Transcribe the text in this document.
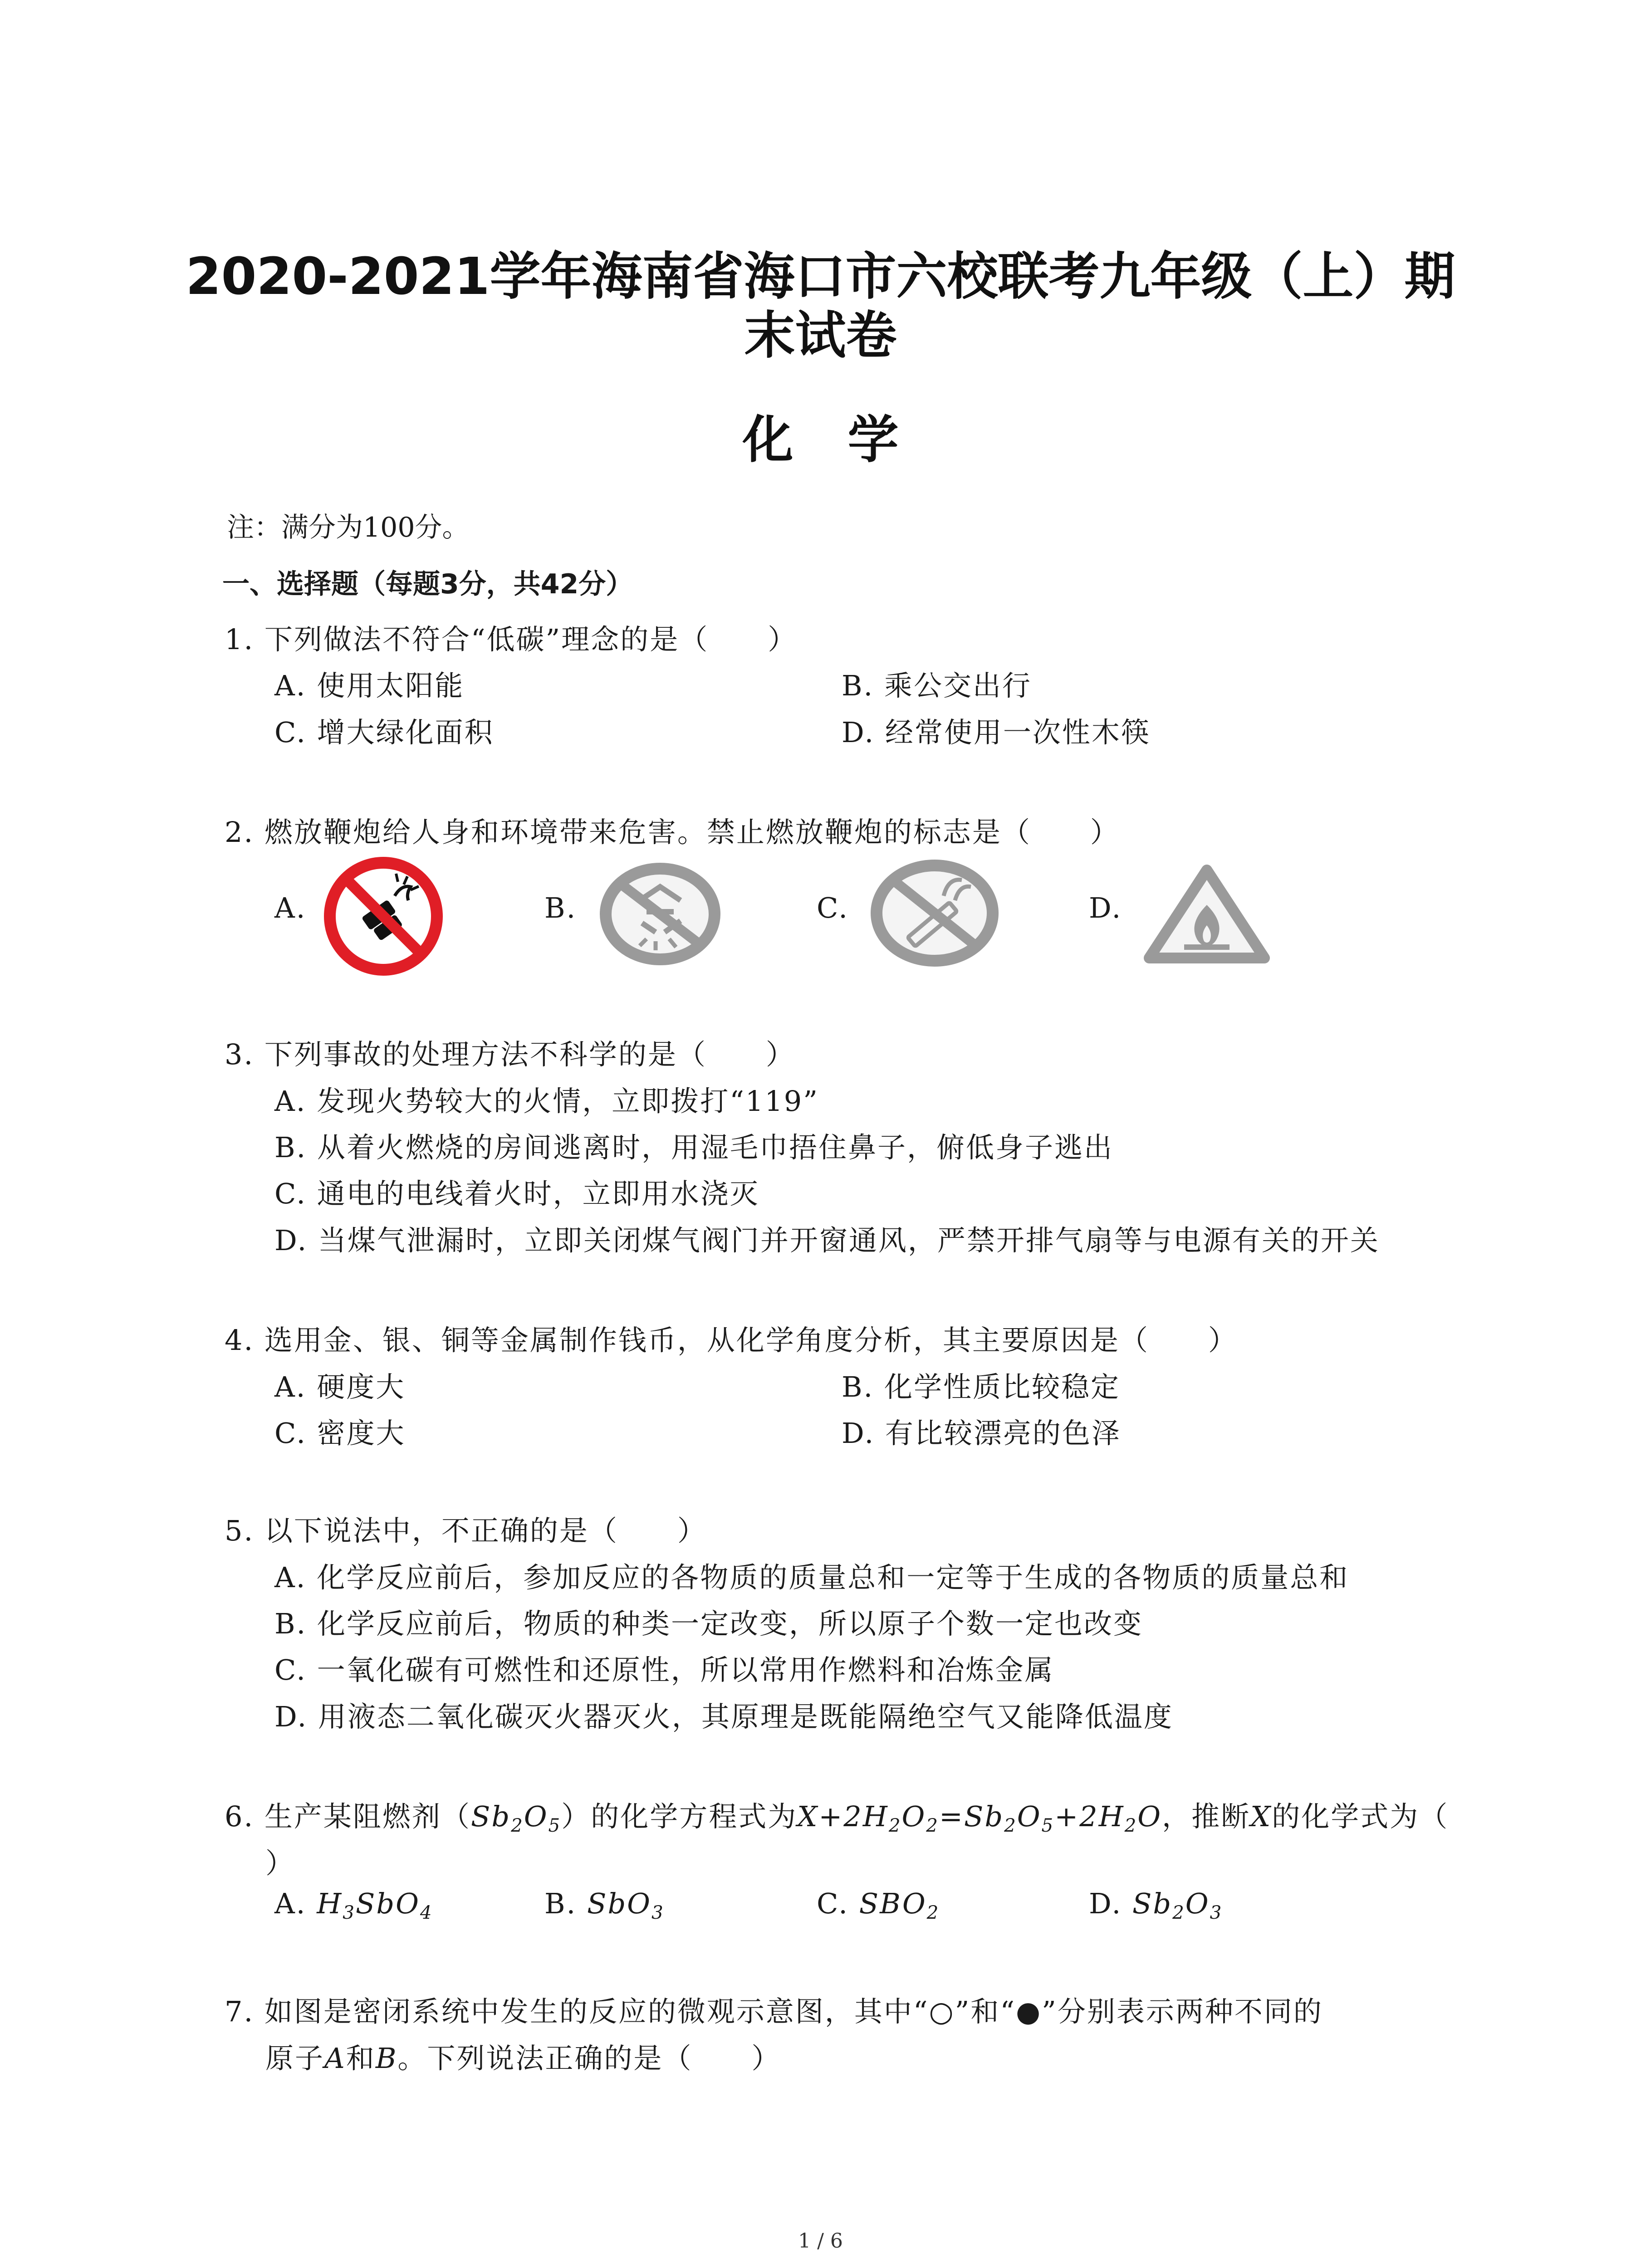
2020-2021学年海南省海口市六校联考九年级（上）期
末试卷
化学
注：满分为100分。
一、选择题（每题3分，共42分）
1. 下列做法不符合“低碳”理念的是（　　）
A. 使用太阳能	B. 乘公交出行
C. 增大绿化面积	D. 经常使用一次性木筷
2. 燃放鞭炮给人身和环境带来危害。禁止燃放鞭炮的标志是（　　）
A.	B.	C.	D.
3. 下列事故的处理方法不科学的是（　　）
A. 发现火势较大的火情，立即拨打“119”
B. 从着火燃烧的房间逃离时，用湿毛巾捂住鼻子，俯低身子逃出
C. 通电的电线着火时，立即用水浇灭
D. 当煤气泄漏时，立即关闭煤气阀门并开窗通风，严禁开排气扇等与电源有关的开关
4. 选用金、银、铜等金属制作钱币，从化学角度分析，其主要原因是（　　）
A. 硬度大	B. 化学性质比较稳定
C. 密度大	D. 有比较漂亮的色泽
5. 以下说法中，不正确的是（　　）
A. 化学反应前后，参加反应的各物质的质量总和一定等于生成的各物质的质量总和
B. 化学反应前后，物质的种类一定改变，所以原子个数一定也改变
C. 一氧化碳有可燃性和还原性，所以常用作燃料和冶炼金属
D. 用液态二氧化碳灭火器灭火，其原理是既能隔绝空气又能降低温度
6. 生产某阻燃剂$(Sb_2O_5)$的化学方程式为$X+2H_2O_2=Sb_2O_5+2H_2O$，推断X的化学式为（
）
A. $H_3SbO_4$	B. SbO$_3$	C. $SBO_2$	D. $Sb_2O_3$
7. 如图是密闭系统中发生的反应的微观示意图，其中“○”和“●”分别表示两种不同的
原子A和B。下列说法正确的是（　　）
1 / 6
